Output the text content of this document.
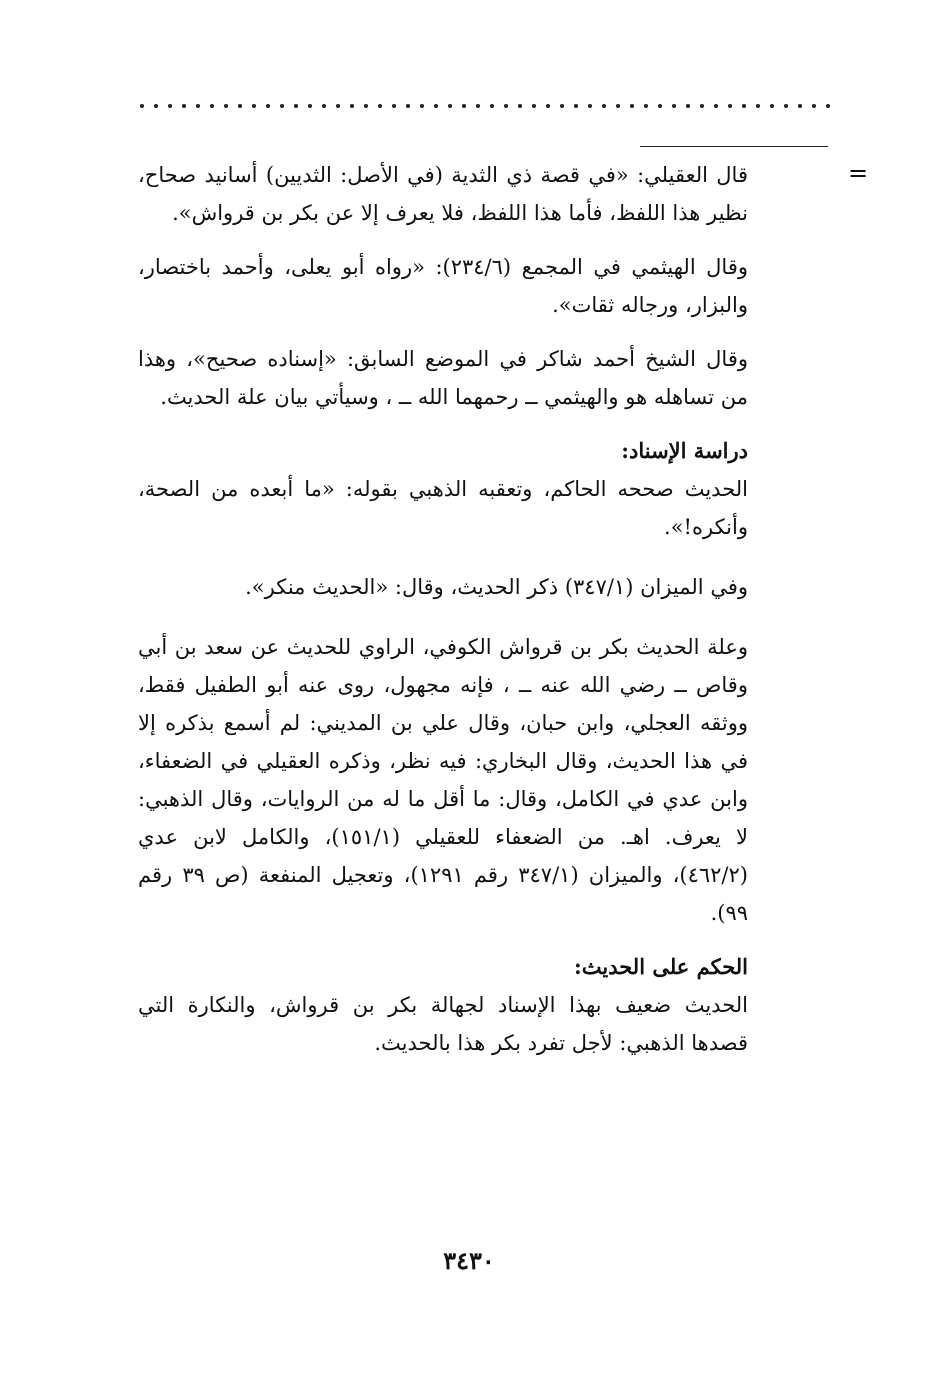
=

قال العقيلي: «في قصة ذي الثدية (في الأصل: الثديين) أسانيد صحاح، نظير هذا اللفظ، فأما هذا اللفظ، فلا يعرف إلا عن بكر بن قرواش».

وقال الهيثمي في المجمع (٢٣٤/٦): «رواه أبو يعلى، وأحمد باختصار، والبزار، ورجاله ثقات».

وقال الشيخ أحمد شاكر في الموضع السابق: «إسناده صحيح»، وهذا من تساهله هو والهيثمي ــ رحمهما الله ــ ، وسيأتي بيان علة الحديث.

دراسة الإسناد:

الحديث صححه الحاكم، وتعقبه الذهبي بقوله: «ما أبعده من الصحة، وأنكره!».

وفي الميزان (٣٤٧/١) ذكر الحديث، وقال: «الحديث منكر».

وعلة الحديث بكر بن قرواش الكوفي، الراوي للحديث عن سعد بن أبي وقاص ــ رضي الله عنه ــ ، فإنه مجهول، روى عنه أبو الطفيل فقط، ووثقه العجلي، وابن حبان، وقال علي بن المديني: لم أسمع بذكره إلا في هذا الحديث، وقال البخاري: فيه نظر، وذكره العقيلي في الضعفاء، وابن عدي في الكامل، وقال: ما أقل ما له من الروايات، وقال الذهبي: لا يعرف. اهـ. من الضعفاء للعقيلي (١٥١/١)، والكامل لابن عدي (٤٦٢/٢)، والميزان (٣٤٧/١ رقم ١٢٩١)، وتعجيل المنفعة (ص ٣٩ رقم ٩٩).

الحكم على الحديث:

الحديث ضعيف بهذا الإسناد لجهالة بكر بن قرواش، والنكارة التي قصدها الذهبي: لأجل تفرد بكر هذا بالحديث.

٣٤٣٠
